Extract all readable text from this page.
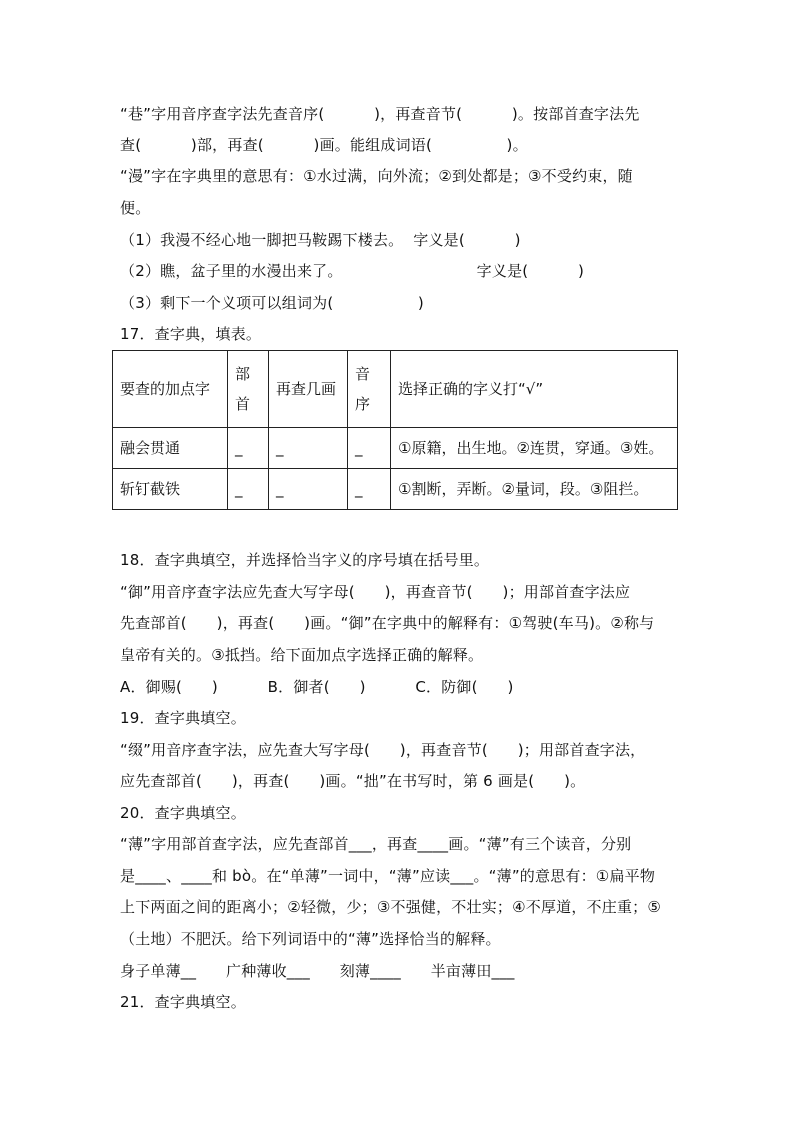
“巷”字用音序查字法先查音序(          )，再查音节(          )。按部首查字法先
查(          )部，再查(          )画。能组成词语(               )。
“漫”字在字典里的意思有：①水过满，向外流；②到处都是；③不受约束，随
便。
（1）我漫不经心地一脚把马鞍踢下楼去。  字义是(          )
（2）瞧，盆子里的水漫出来了。                           字义是(          )
（3）剩下一个义项可以组词为(                 )
17．查字典，填表。
要查的加点字	部首	再查几画	音序	选择正确的字义打“√”
融会贯通	_	_	_	①原籍，出生地。②连贯，穿通。③姓。
斩钉截铁	_	_	_	①割断，弄断。②量词，段。③阻拦。
18．查字典填空，并选择恰当字义的序号填在括号里。
“御”用音序查字法应先查大写字母(      )，再查音节(      )；用部首查字法应
先查部首(      )，再查(      )画。“御”在字典中的解释有：①驾驶(车马)。②称与
皇帝有关的。③抵挡。给下面加点字选择正确的解释。
A．御赐(      )          B．御者(      )          C．防御(      )
19．查字典填空。
“缀”用音序查字法，应先查大写字母(      )，再查音节(      )；用部首查字法，
应先查部首(      )，再查(      )画。“拙”在书写时，第 6 画是(      )。
20．查字典填空。
“薄”字用部首查字法，应先查部首___，再查____画。“薄”有三个读音，分别
是____、____和 bò。在“单薄”一词中，“薄”应读___。“薄”的意思有：①扁平物
上下两面之间的距离小；②轻微，少；③不强健，不壮实；④不厚道，不庄重；⑤
（土地）不肥沃。给下列词语中的“薄”选择恰当的解释。
身子单薄__      广种薄收___      刻薄____      半亩薄田___
21．查字典填空。
